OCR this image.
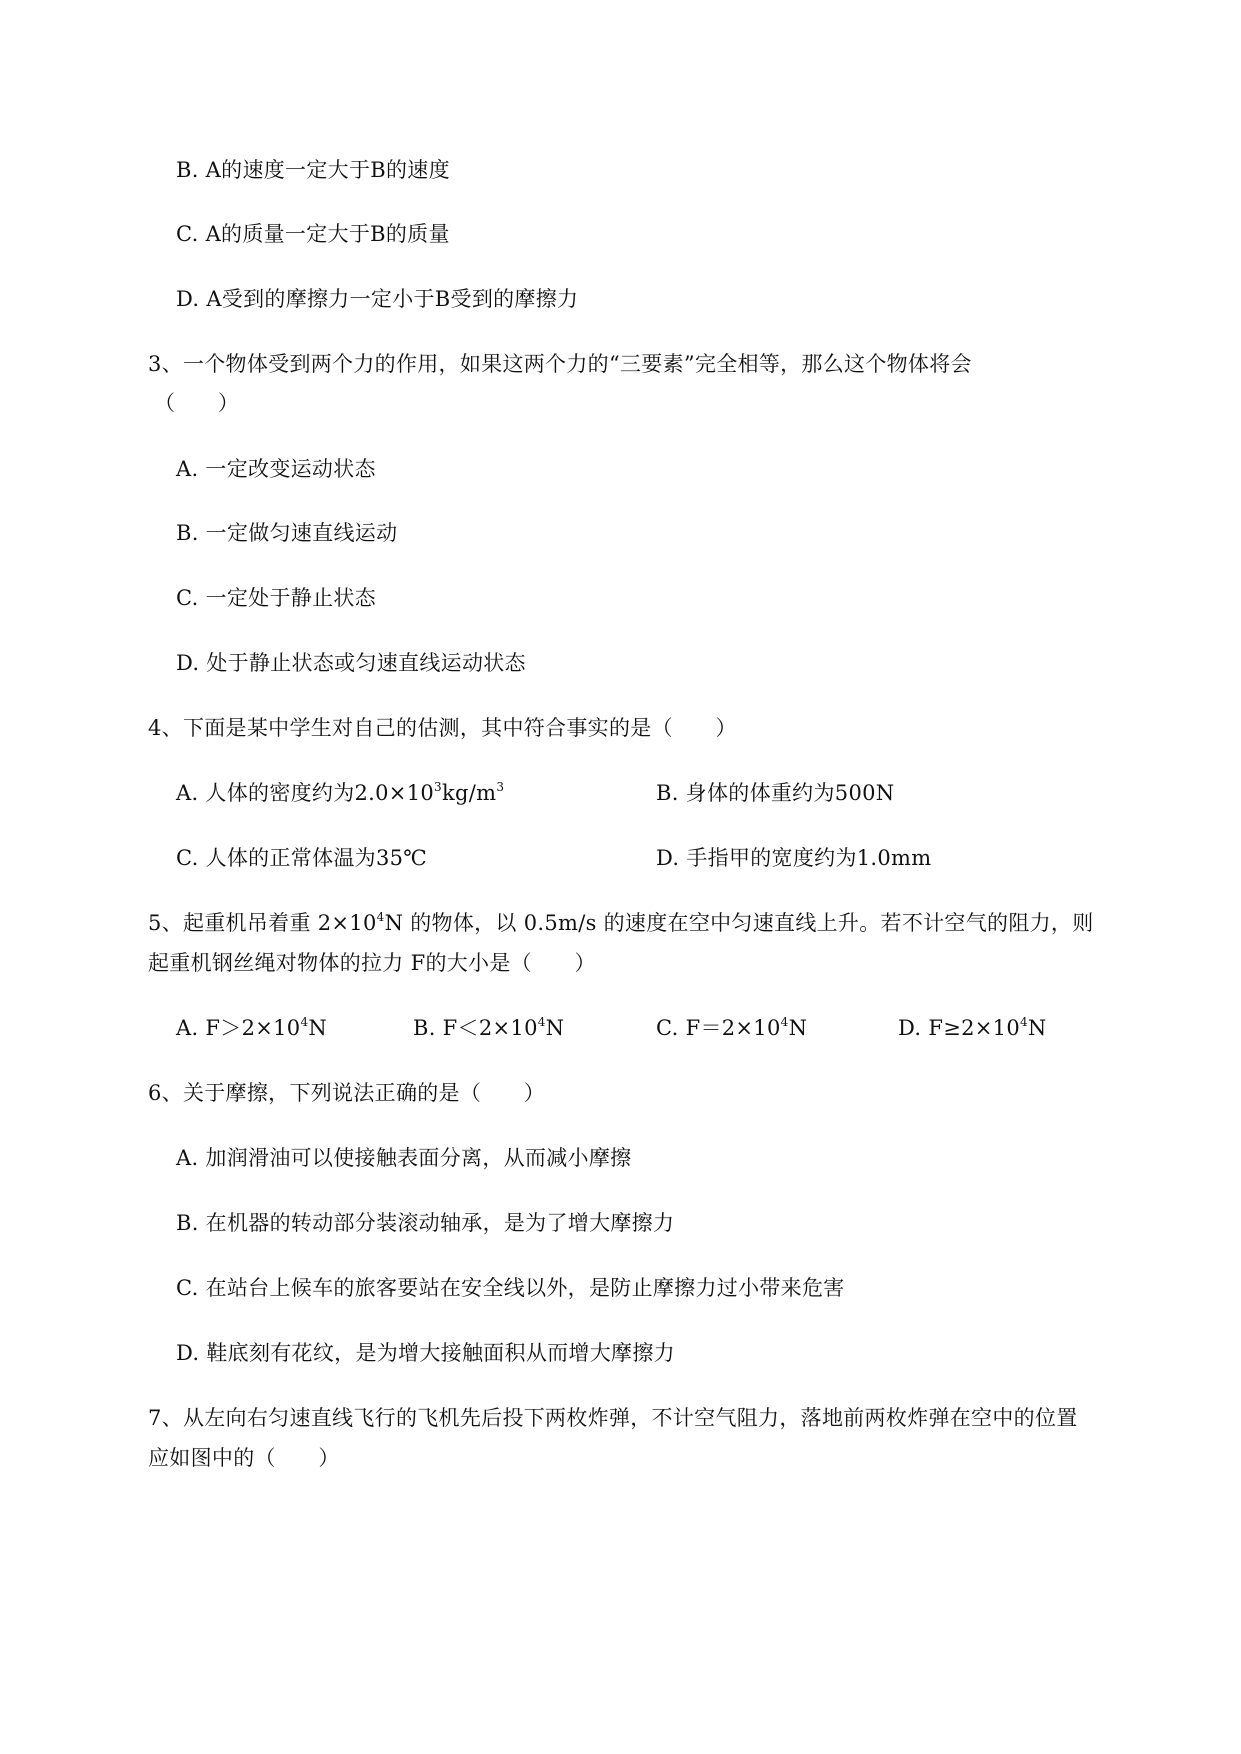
B. A的速度一定大于B的速度
C. A的质量一定大于B的质量
D. A受到的摩擦力一定小于B受到的摩擦力
3、一个物体受到两个力的作用，如果这两个力的“三要素”完全相等，那么这个物体将会
（　　）
A. 一定改变运动状态
B. 一定做匀速直线运动
C. 一定处于静止状态
D. 处于静止状态或匀速直线运动状态
4、下面是某中学生对自己的估测，其中符合事实的是（　　）
A. 人体的密度约为$2.0\times 10^3kg/m^3$	B. 身体的体重约为500N
C. 人体的正常体温为35℃	D. 手指甲的宽度约为1.0mm
5、起重机吊着重 $2\times 10^4N$ 的物体，以 0.5m/s 的速度在空中匀速直线上升。若不计空气的阻力，则
起重机钢丝绳对物体的拉力 F的大小是（　　）
A. $F>2\times 10^4N$	B. $F<2\times 10^4N$	C. $F=2\times 10^4N$	D. $F\ge 2\times 10^4N$
6、关于摩擦，下列说法正确的是（　　）
A. 加润滑油可以使接触表面分离，从而减小摩擦
B. 在机器的转动部分装滚动轴承，是为了增大摩擦力
C. 在站台上候车的旅客要站在安全线以外，是防止摩擦力过小带来危害
D. 鞋底刻有花纹，是为增大接触面积从而增大摩擦力
7、从左向右匀速直线飞行的飞机先后投下两枚炸弹，不计空气阻力，落地前两枚炸弹在空中的位置
应如图中的（　　）
